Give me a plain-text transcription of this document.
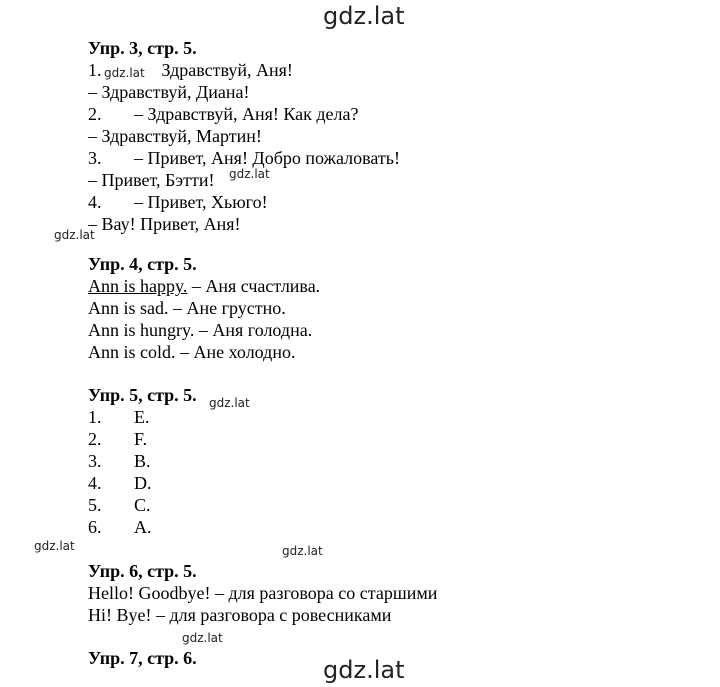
gdz.lat
gdz.lat
gdz.lat
gdz.lat
gdz.lat
gdz.lat
gdz.lat	gdz.lat
gdz.lat
Упр. 3, стр. 5.
1.	Здравствуй, Аня!
– Здравствуй, Диана!
2. – Здравствуй, Аня! Как дела?
– Здравствуй, Мартин!
3. – Привет, Аня! Добро пожаловать!
– Привет, Бэтти!
4. – Привет, Хьюго!
– Вау! Привет, Аня!
Упр. 4, стр. 5.
Ann is happy. – Аня счастлива.
Ann is sad. – Ане грустно.
Ann is hungry. – Аня голодна.
Ann is cold. – Ане холодно.
Упр. 5, стр. 5.
1. E.
2. F.
3. B.
4. D.
5. C.
6. A.
Упр. 6, стр. 5.
Hello! Goodbye! – для разговора со старшими
Hi! Bye! – для разговора с ровесниками
Упр. 7, стр. 6.
